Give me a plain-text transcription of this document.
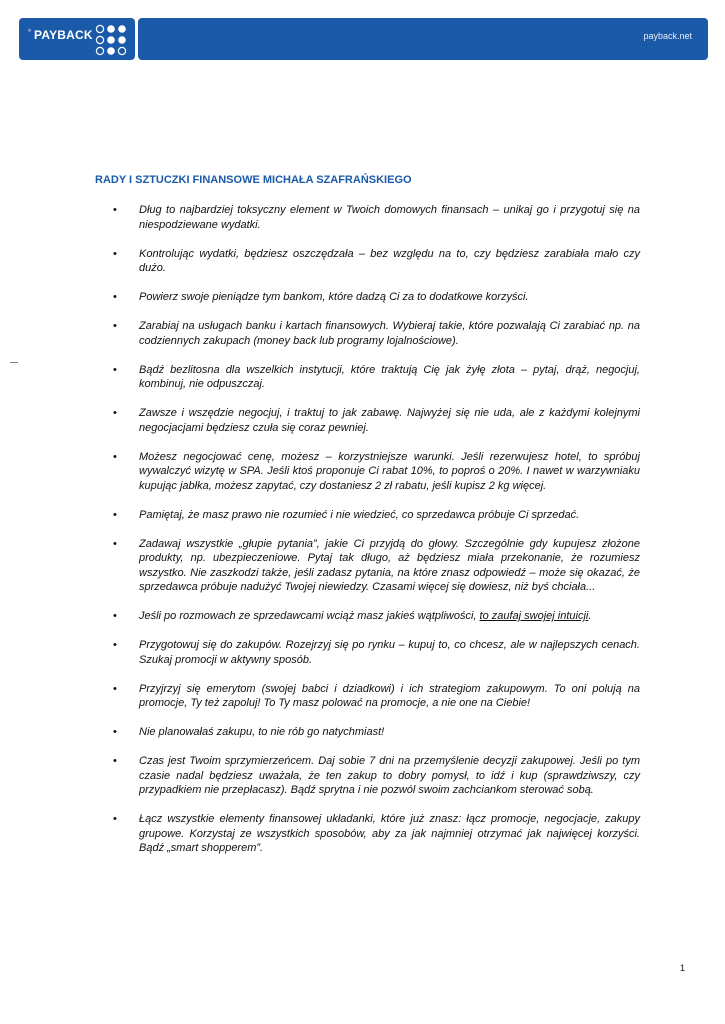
° PAYBACK	payback.net
RADY I SZTUCZKI FINANSOWE MICHAŁA SZAFRAŃSKIEGO
• Dług to najbardziej toksyczny element w Twoich domowych finansach – unikaj go i przygotuj się na niespodziewane wydatki.
• Kontrolując wydatki, będziesz oszczędzała – bez względu na to, czy będziesz zarabiała mało czy dużo.
• Powierz swoje pieniądze tym bankom, które dadzą Ci za to dodatkowe korzyści.
• Zarabiaj na usługach banku i kartach finansowych. Wybieraj takie, które pozwalają Ci zarabiać np. na codziennych zakupach (money back lub programy lojalnościowe).
• Bądź bezlitosna dla wszelkich instytucji, które traktują Cię jak żyłę złota – pytaj, drąż, negocjuj, kombinuj, nie odpuszczaj.
• Zawsze i wszędzie negocjuj, i traktuj to jak zabawę. Najwyżej się nie uda, ale z każdymi kolejnymi negocjacjami będziesz czuła się coraz pewniej.
• Możesz negocjować cenę, możesz – korzystniejsze warunki. Jeśli rezerwujesz hotel, to spróbuj wywalczyć wizytę w SPA. Jeśli ktoś proponuje Ci rabat 10%, to poproś o 20%. I nawet w warzywniaku kupując jabłka, możesz zapytać, czy dostaniesz 2 zł rabatu, jeśli kupisz 2 kg więcej.
• Pamiętaj, że masz prawo nie rozumieć i nie wiedzieć, co sprzedawca próbuje Ci sprzedać.
• Zadawaj wszystkie „głupie pytania”, jakie Ci przyjdą do głowy. Szczególnie gdy kupujesz złożone produkty, np. ubezpieczeniowe. Pytaj tak długo, aż będziesz miała przekonanie, że rozumiesz wszystko. Nie zaszkodzi także, jeśli zadasz pytania, na które znasz odpowiedź – może się okazać, że sprzedawca próbuje nadużyć Twojej niewiedzy. Czasami więcej się dowiesz, niż byś chciała...
• Jeśli po rozmowach ze sprzedawcami wciąż masz jakieś wątpliwości, to zaufaj swojej intuicji.
• Przygotowuj się do zakupów. Rozejrzyj się po rynku – kupuj to, co chcesz, ale w najlepszych cenach. Szukaj promocji w aktywny sposób.
• Przyjrzyj się emerytom (swojej babci i dziadkowi) i ich strategiom zakupowym. To oni polują na promocje, Ty też zapoluj! To Ty masz polować na promocje, a nie one na Ciebie!
• Nie planowałaś zakupu, to nie rób go natychmiast!
• Czas jest Twoim sprzymierzeńcem. Daj sobie 7 dni na przemyślenie decyzji zakupowej. Jeśli po tym czasie nadal będziesz uważała, że ten zakup to dobry pomysł, to idź i kup (sprawdziwszy, czy przypadkiem nie przepłacasz). Bądź sprytna i nie pozwól swoim zachciankom sterować sobą.
• Łącz wszystkie elementy finansowej układanki, które już znasz: łącz promocje, negocjacje, zakupy grupowe. Korzystaj ze wszystkich sposobów, aby za jak najmniej otrzymać jak najwięcej korzyści. Bądź „smart shopperem”.
1
